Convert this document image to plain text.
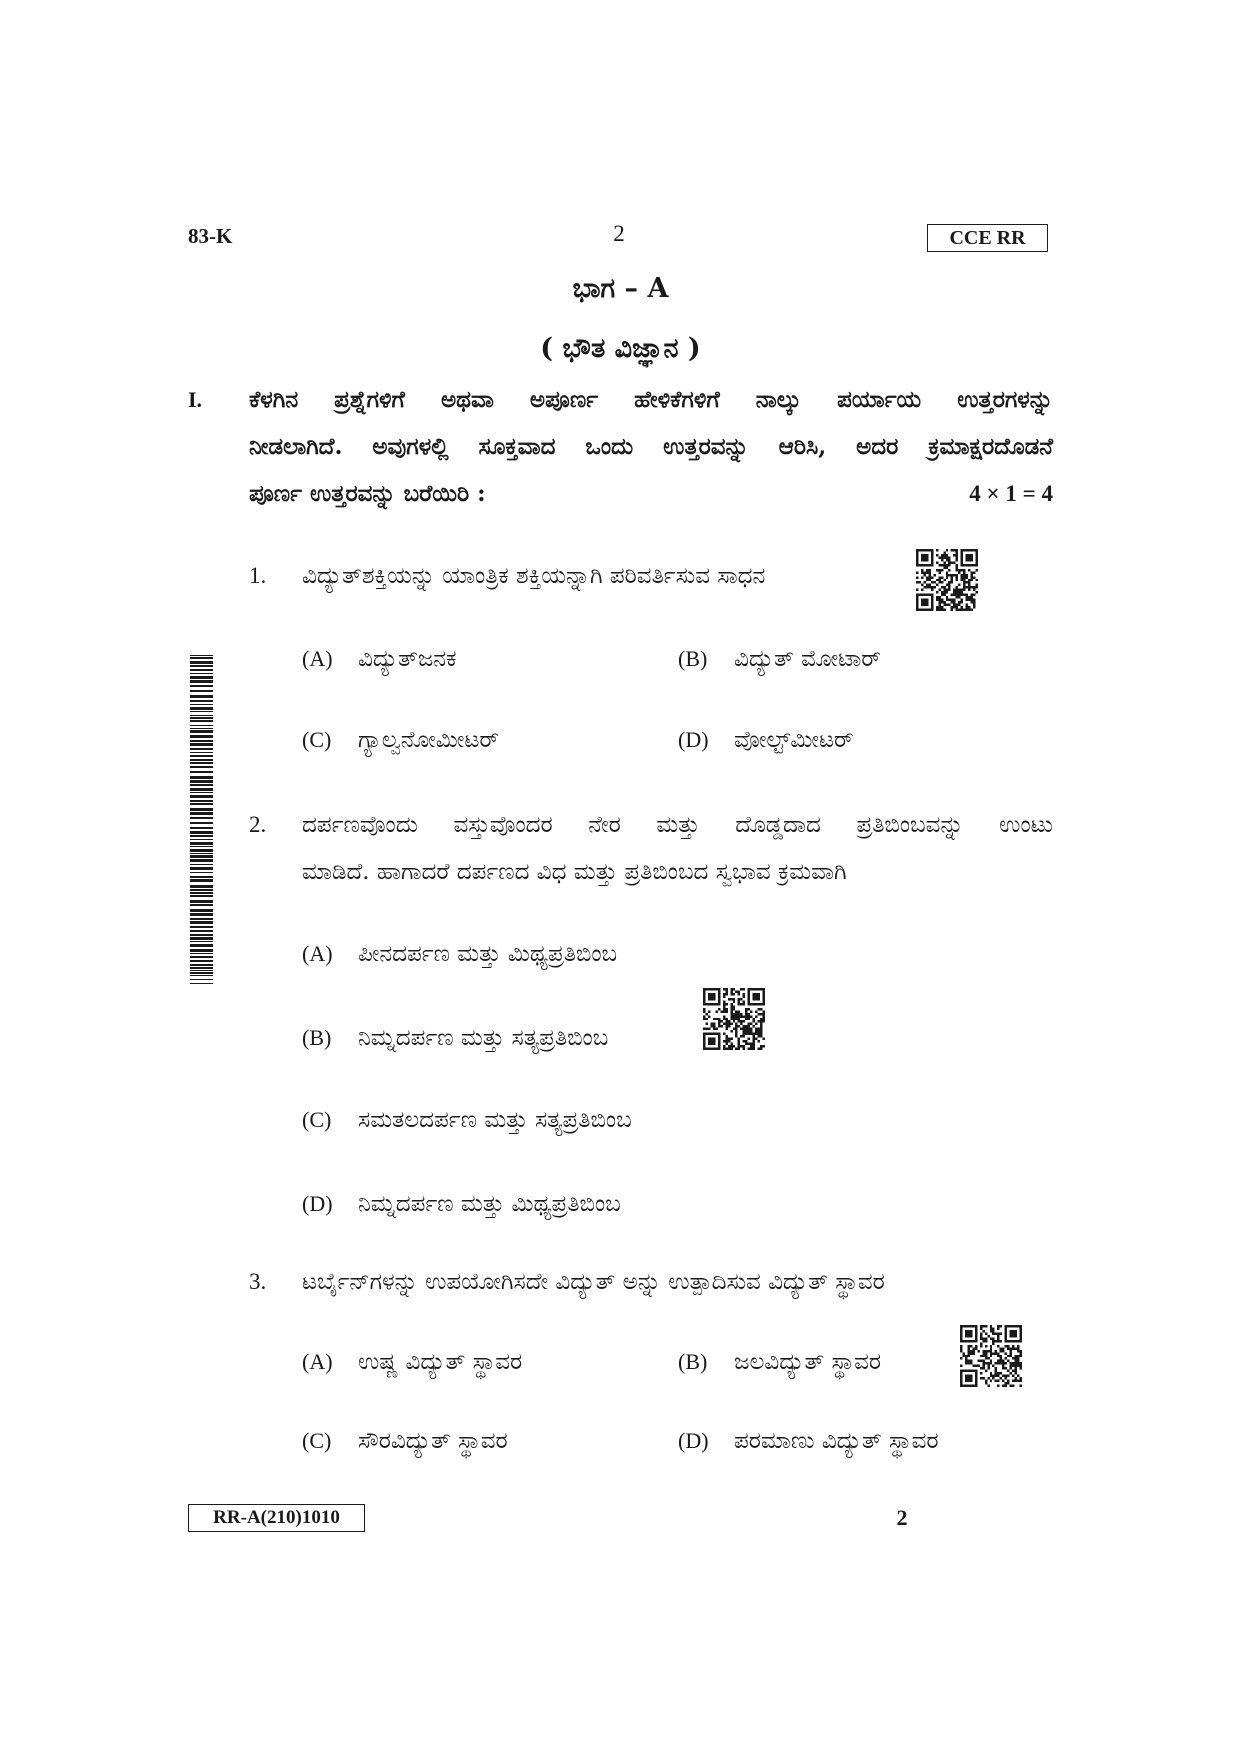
83-K	2	CCE RR
ಭಾಗ – A
( ಭೌತ ವಿಜ್ಞಾನ )
I. ಕೆಳಗಿನ ಪ್ರಶ್ನೆಗಳಿಗೆ ಅಥವಾ ಅಪೂರ್ಣ ಹೇಳಿಕೆಗಳಿಗೆ ನಾಲ್ಕು ಪರ್ಯಾಯ ಉತ್ತರಗಳನ್ನು
ನೀಡಲಾಗಿದೆ. ಅವುಗಳಲ್ಲಿ ಸೂಕ್ತವಾದ ಒಂದು ಉತ್ತರವನ್ನು ಆರಿಸಿ, ಅದರ ಕ್ರಮಾಕ್ಷರದೊಡನೆ
ಪೂರ್ಣ ಉತ್ತರವನ್ನು ಬರೆಯಿರಿ :	4 × 1 = 4
1. ವಿದ್ಯುತ್‌ಶಕ್ತಿಯನ್ನು ಯಾಂತ್ರಿಕ ಶಕ್ತಿಯನ್ನಾಗಿ ಪರಿವರ್ತಿಸುವ ಸಾಧನ
(A) ವಿದ್ಯುತ್‌ಜನಕ	(B) ವಿದ್ಯುತ್ ಮೋಟಾರ್
(C) ಗ್ಯಾಲ್ವನೋಮೀಟರ್	(D) ವೋಲ್ಟ್‌ಮೀಟರ್
2. ದರ್ಪಣವೊಂದು ವಸ್ತುವೊಂದರ ನೇರ ಮತ್ತು ದೊಡ್ಡದಾದ ಪ್ರತಿಬಿಂಬವನ್ನು ಉಂಟು
ಮಾಡಿದೆ. ಹಾಗಾದರೆ ದರ್ಪಣದ ವಿಧ ಮತ್ತು ಪ್ರತಿಬಿಂಬದ ಸ್ವಭಾವ ಕ್ರಮವಾಗಿ
(A) ಪೀನದರ್ಪಣ ಮತ್ತು ಮಿಥ್ಯಪ್ರತಿಬಿಂಬ
(B) ನಿಮ್ನದರ್ಪಣ ಮತ್ತು ಸತ್ಯಪ್ರತಿಬಿಂಬ
(C) ಸಮತಲದರ್ಪಣ ಮತ್ತು ಸತ್ಯಪ್ರತಿಬಿಂಬ
(D) ನಿಮ್ನದರ್ಪಣ ಮತ್ತು ಮಿಥ್ಯಪ್ರತಿಬಿಂಬ
3. ಟರ್ಬೈನ್‌ಗಳನ್ನು ಉಪಯೋಗಿಸದೇ ವಿದ್ಯುತ್ ಅನ್ನು ಉತ್ಪಾದಿಸುವ ವಿದ್ಯುತ್ ಸ್ಥಾವರ
(A) ಉಷ್ಣ ವಿದ್ಯುತ್ ಸ್ಥಾವರ	(B) ಜಲವಿದ್ಯುತ್ ಸ್ಥಾವರ
(C) ಸೌರವಿದ್ಯುತ್ ಸ್ಥಾವರ	(D) ಪರಮಾಣು ವಿದ್ಯುತ್ ಸ್ಥಾವರ
RR-A(210)1010	2
